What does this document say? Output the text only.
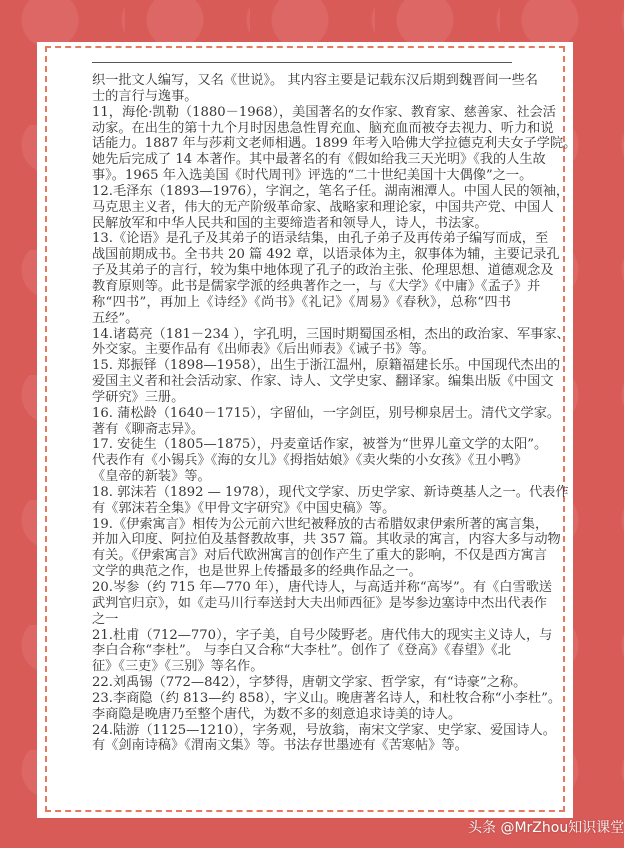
织一批文人编写，又名《世说》。 其内容主要是记载东汉后期到魏晋间一些名
士的言行与逸事。
11，海伦·凯勒（1880－1968），美国著名的女作家、教育家、慈善家、社会活
动家。在出生的第十九个月时因患急性胃充血、脑充血而被夺去视力、听力和说
话能力。1887 年与莎莉文老师相遇。1899 年考入哈佛大学拉德克利夫女子学院。
她先后完成了 14 本著作。其中最著名的有《假如给我三天光明》《我的人生故
事》。1965 年入选美国《时代周刊》评选的“二十世纪美国十大偶像”之一。
12.毛泽东（1893—1976），字润之，笔名子任。湖南湘潭人。中国人民的领袖，
马克思主义者，伟大的无产阶级革命家、战略家和理论家，中国共产党、中国人
民解放军和中华人民共和国的主要缔造者和领导人，诗人，书法家。
13.《论语》是孔子及其弟子的语录结集，由孔子弟子及再传弟子编写而成，至
战国前期成书。全书共 20 篇 492 章，以语录体为主，叙事体为辅，主要记录孔
子及其弟子的言行，较为集中地体现了孔子的政治主张、伦理思想、道德观念及
教育原则等。此书是儒家学派的经典著作之一，与《大学》《中庸》《孟子》并
称“四书”，再加上《诗经》《尚书》《礼记》《周易》《春秋》，总称“四书
五经”。
14.诸葛亮（181－234 ），字孔明，三国时期蜀国丞相，杰出的政治家、军事家、
外交家。主要作品有《出师表》《后出师表》《诫子书》等。
15. 郑振铎（1898—1958），出生于浙江温州，原籍福建长乐。中国现代杰出的
爱国主义者和社会活动家、作家、诗人、文学史家、翻译家。编集出版《中国文
学研究》三册。
16. 蒲松龄（1640－1715），字留仙，一字剑臣，别号柳泉居士。清代文学家。
著有《聊斋志异》。
17. 安徒生（1805—1875），丹麦童话作家，被誉为“世界儿童文学的太阳”。
代表作有《小锡兵》《海的女儿》《拇指姑娘》《卖火柴的小女孩》《丑小鸭》
《皇帝的新装》等。
18. 郭沫若（1892 — 1978），现代文学家、历史学家、新诗奠基人之一。代表作
有《郭沫若全集》《甲骨文字研究》《中国史稿》等。
19.《伊索寓言》相传为公元前六世纪被释放的古希腊奴隶伊索所著的寓言集，
并加入印度、阿拉伯及基督教故事，共 357 篇。其收录的寓言，内容大多与动物
有关。《伊索寓言》对后代欧洲寓言的创作产生了重大的影响，不仅是西方寓言
文学的典范之作，也是世界上传播最多的经典作品之一。
20.岑参（约 715 年—770 年），唐代诗人，与高适并称“高岑”。有《白雪歌送
武判官归京》，如《走马川行奉送封大夫出师西征》是岑参边塞诗中杰出代表作
之一
21.杜甫（712—770），字子美，自号少陵野老。唐代伟大的现实主义诗人，与
李白合称“李杜”。 与李白又合称“大李杜”。创作了《登高》《春望》《北
征》《三吏》《三别》等名作。
22.刘禹锡（772—842），字梦得，唐朝文学家、哲学家，有“诗豪”之称。
23.李商隐（约 813—约 858），字义山。晚唐著名诗人，和杜牧合称“小李杜”。
李商隐是晚唐乃至整个唐代，为数不多的刻意追求诗美的诗人。
24.陆游（1125—1210），字务观，号放翁，南宋文学家、史学家、爱国诗人。
有《剑南诗稿》《渭南文集》等。书法存世墨迹有《苦寒帖》等。
头条 @MrZhou知识课堂
